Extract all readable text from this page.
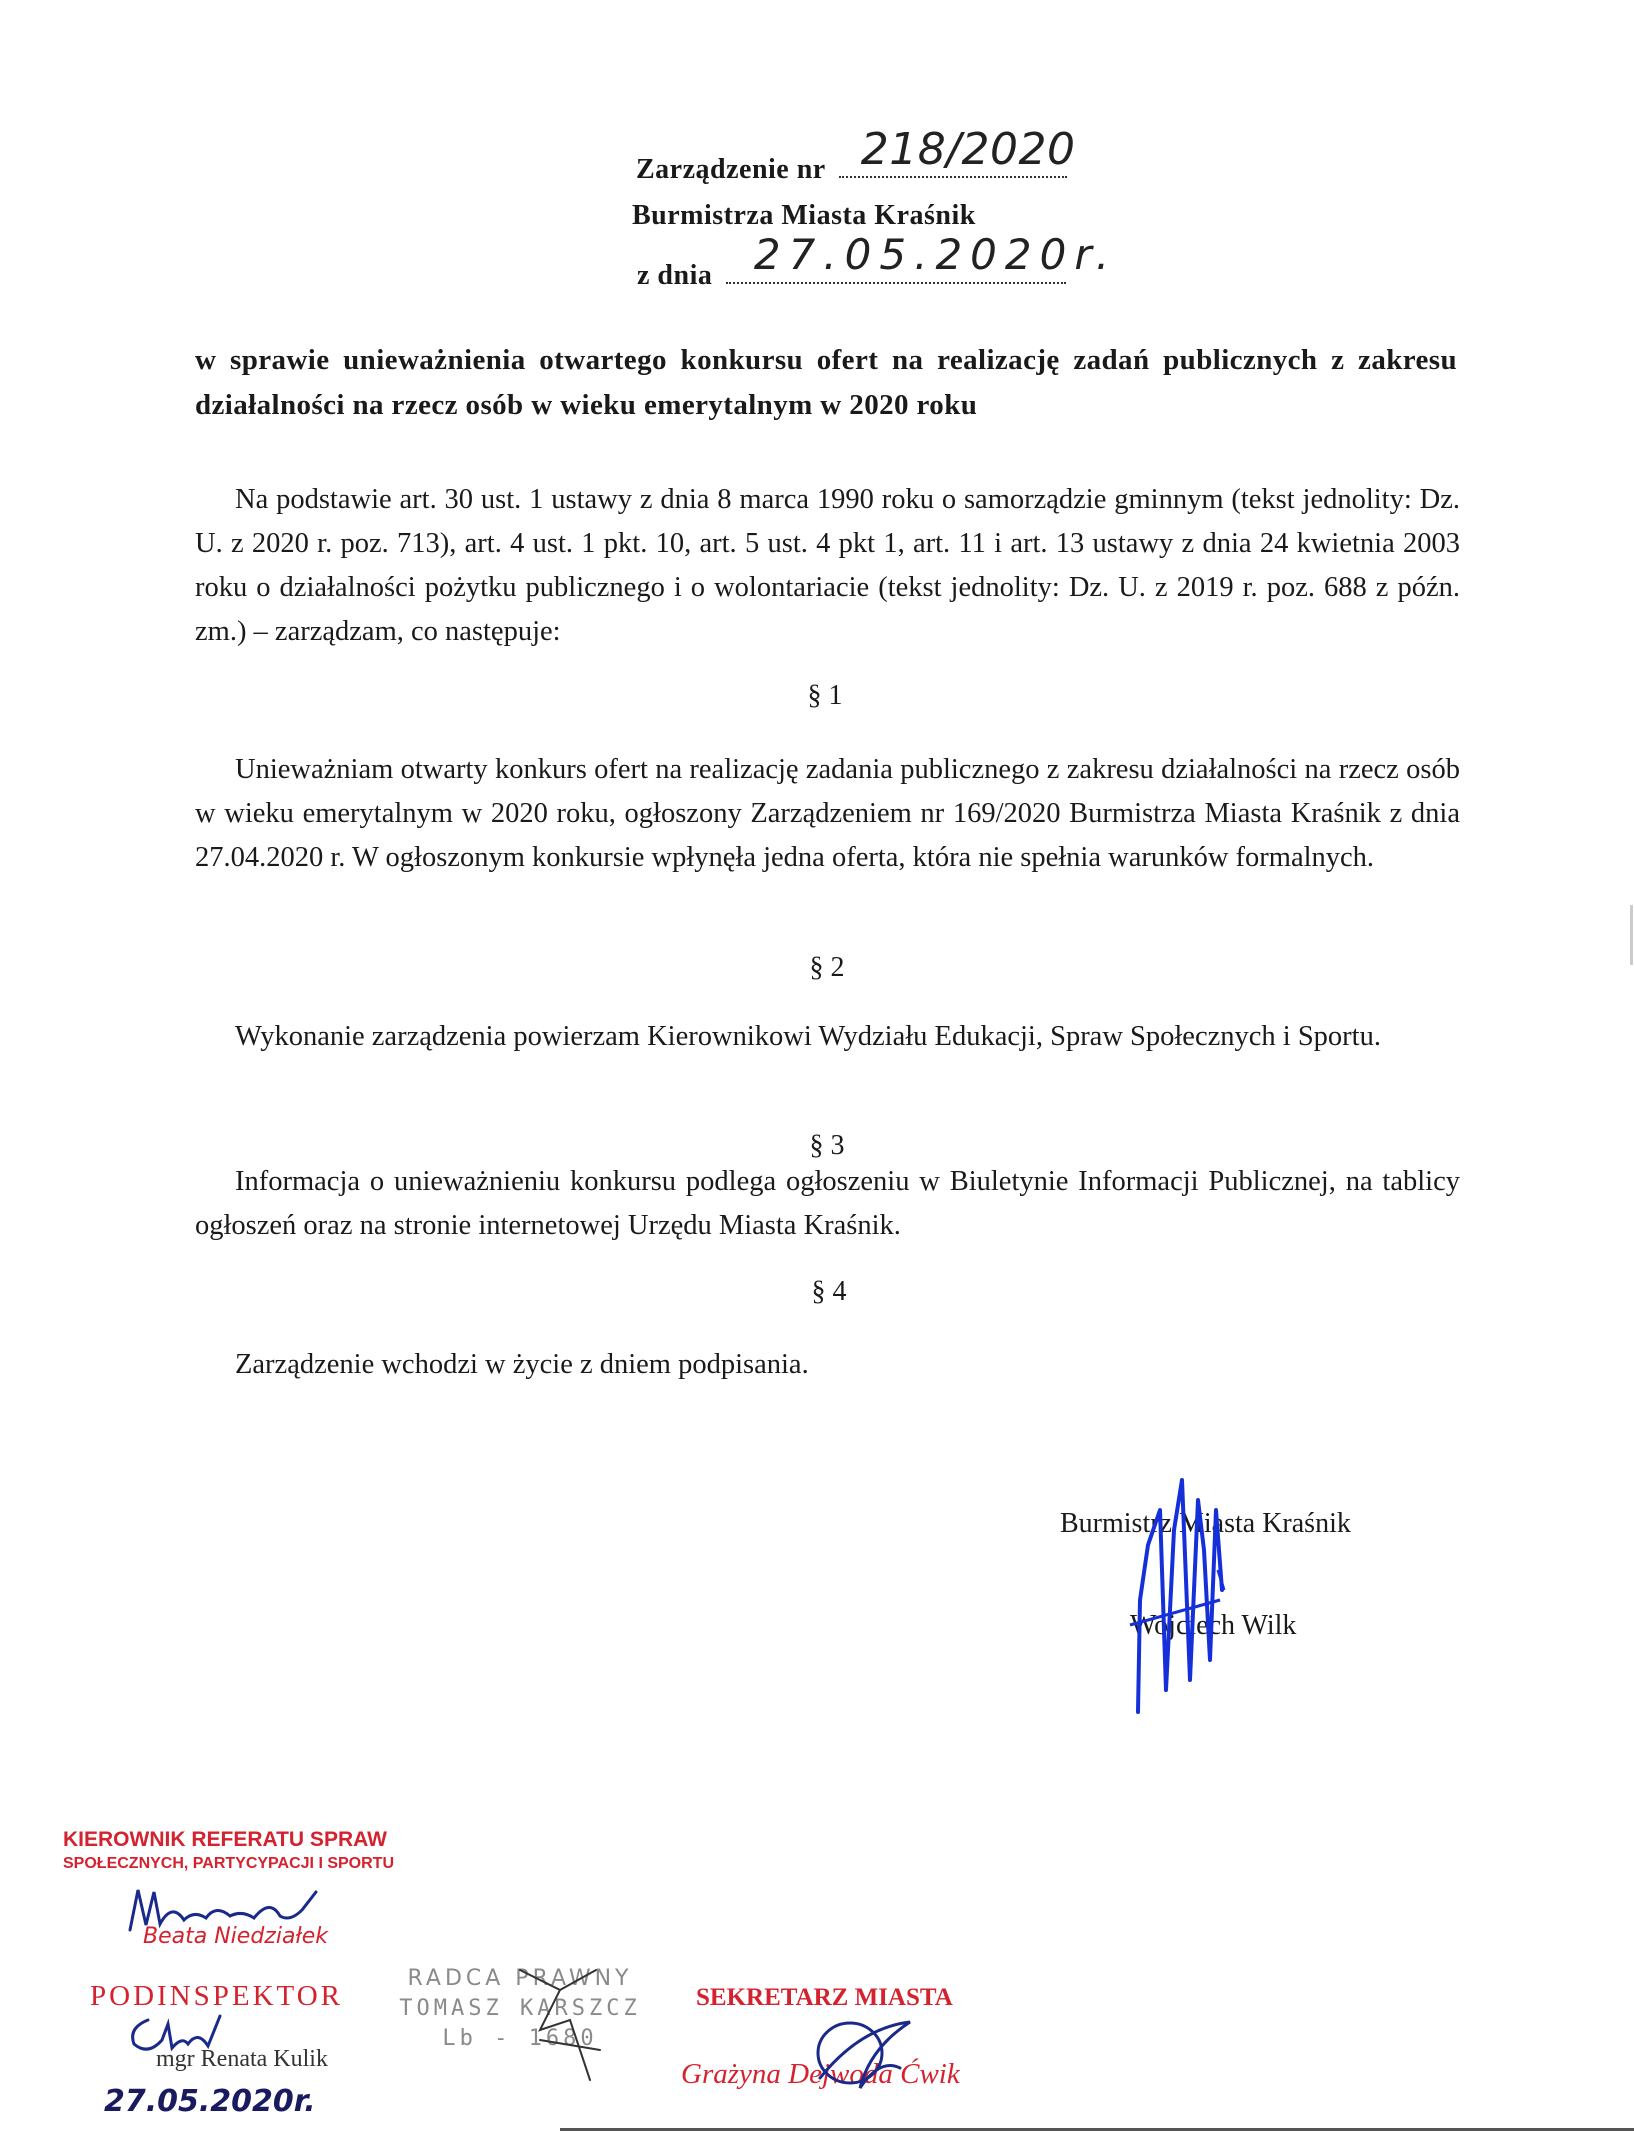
Zarządzenie nr 218/2020
Burmistrza Miasta Kraśnik
z dnia 27.05.2020r.
w sprawie unieważnienia otwartego konkursu ofert na realizację zadań publicznych z zakresu działalności na rzecz osób w wieku emerytalnym w 2020 roku
Na podstawie art. 30 ust. 1 ustawy z dnia 8 marca 1990 roku o samorządzie gminnym (tekst jednolity: Dz. U. z 2020 r. poz. 713), art. 4 ust. 1 pkt. 10, art. 5 ust. 4 pkt 1, art. 11 i art. 13 ustawy z dnia 24 kwietnia 2003 roku o działalności pożytku publicznego i o wolontariacie (tekst jednolity: Dz. U. z 2019 r. poz. 688 z późn. zm.) – zarządzam, co następuje:
§ 1
Unieważniam otwarty konkurs ofert na realizację zadania publicznego z zakresu działalności na rzecz osób w wieku emerytalnym w 2020 roku, ogłoszony Zarządzeniem nr 169/2020 Burmistrza Miasta Kraśnik z dnia 27.04.2020 r. W ogłoszonym konkursie wpłynęła jedna oferta, która nie spełnia warunków formalnych.
§ 2
Wykonanie zarządzenia powierzam Kierownikowi Wydziału Edukacji, Spraw Społecznych i Sportu.
§ 3
Informacja o unieważnieniu konkursu podlega ogłoszeniu w Biuletynie Informacji Publicznej, na tablicy ogłoszeń oraz na stronie internetowej Urzędu Miasta Kraśnik.
§ 4
Zarządzenie wchodzi w życie z dniem podpisania.
Burmistrz Miasta Kraśnik
Wojciech Wilk
KIEROWNIK REFERATU SPRAW
SPOŁECZNYCH, PARTYCYPACJI I SPORTU
Beata Niedziałek
PODINSPEKTOR
mgr Renata Kulik
27.05.2020r.
RADCA PRAWNY
TOMASZ KARSZCZ
Lb - 1680
SEKRETARZ MIASTA
Grażyna Dejwoda Ćwik
